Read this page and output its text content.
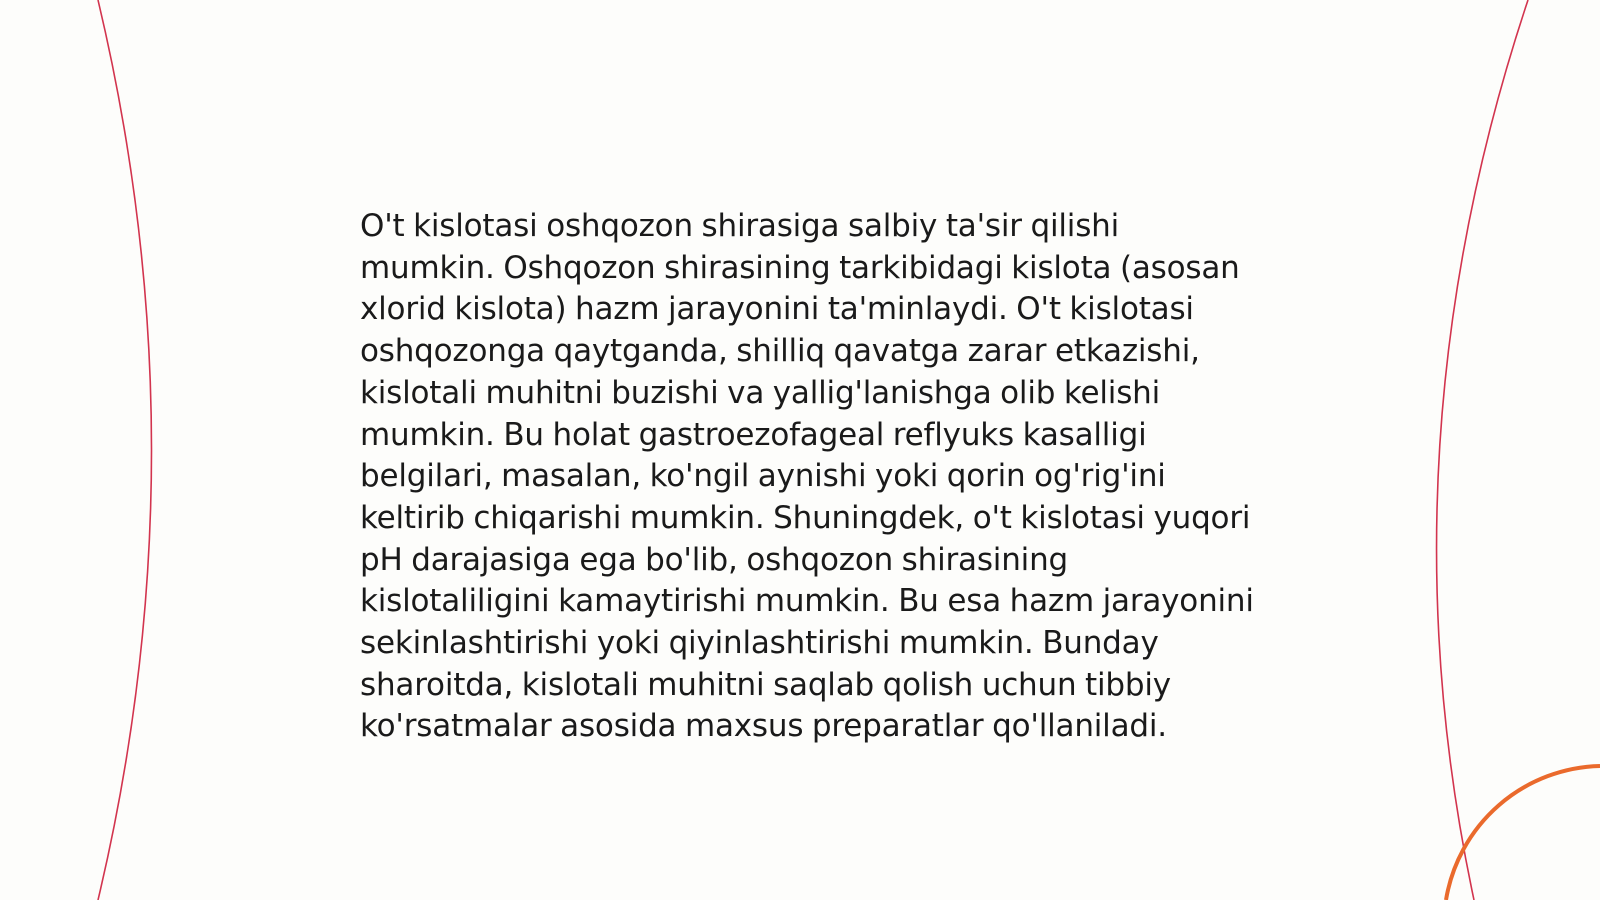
O't kislotasi oshqozon shirasiga salbiy ta'sir qilishi mumkin. Oshqozon shirasining tarkibidagi kislota (asosan xlorid kislota) hazm jarayonini ta'minlaydi. O't kislotasi oshqozonga qaytganda, shilliq qavatga zarar etkazishi, kislotali muhitni buzishi va yallig'lanishga olib kelishi mumkin. Bu holat gastroezofageal reflyuks kasalligi belgilari, masalan, ko'ngil aynishi yoki qorin og'rig'ini keltirib chiqarishi mumkin. Shuningdek, o't kislotasi yuqori pH darajasiga ega bo'lib, oshqozon shirasining kislotaliligini kamaytirishi mumkin. Bu esa hazm jarayonini sekinlashtirishi yoki qiyinlashtirishi mumkin. Bunday sharoitda, kislotali muhitni saqlab qolish uchun tibbiy ko'rsatmalar asosida maxsus preparatlar qo'llaniladi.
